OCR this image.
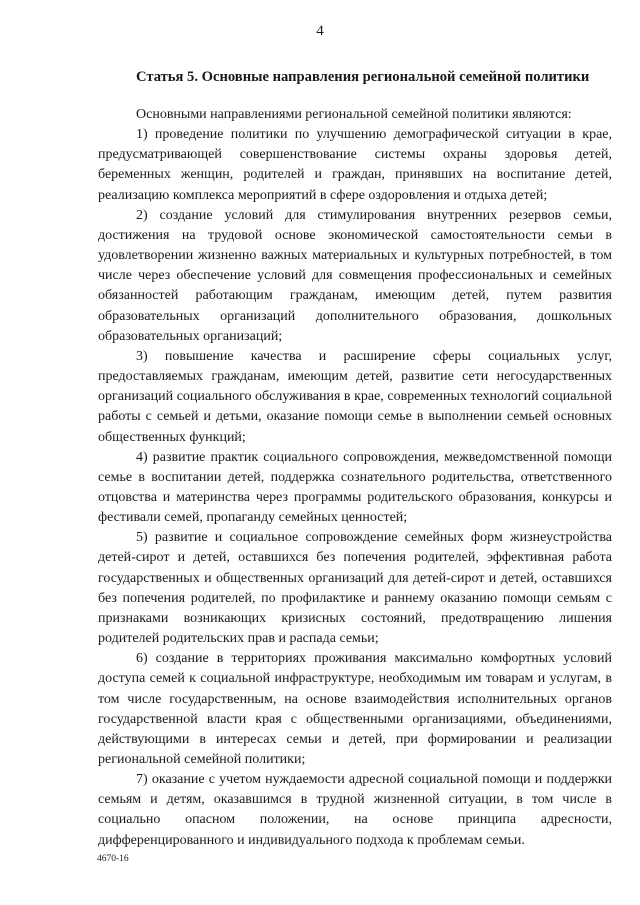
4
Статья 5. Основные направления региональной семейной политики

Основными направлениями региональной семейной политики являются:

1) проведение политики по улучшению демографической ситуации в крае, предусматривающей совершенствование системы охраны здоровья детей, беременных женщин, родителей и граждан, принявших на воспитание детей, реализацию комплекса мероприятий в сфере оздоровления и отдыха детей;

2) создание условий для стимулирования внутренних резервов семьи, достижения на трудовой основе экономической самостоятельности семьи в удовлетворении жизненно важных материальных и культурных потребностей, в том числе через обеспечение условий для совмещения профессиональных и семейных обязанностей работающим гражданам, имеющим детей, путем развития образовательных организаций дополнительного образования, дошкольных образовательных организаций;

3) повышение качества и расширение сферы социальных услуг, предоставляемых гражданам, имеющим детей, развитие сети негосударственных организаций социального обслуживания в крае, современных технологий социальной работы с семьей и детьми, оказание помощи семье в выполнении семьей основных общественных функций;

4) развитие практик социального сопровождения, межведомственной помощи семье в воспитании детей, поддержка сознательного родительства, ответственного отцовства и материнства через программы родительского образования, конкурсы и фестивали семей, пропаганду семейных ценностей;

5) развитие и социальное сопровождение семейных форм жизнеустройства детей-сирот и детей, оставшихся без попечения родителей, эффективная работа государственных и общественных организаций для детей-сирот и детей, оставшихся без попечения родителей, по профилактике и раннему оказанию помощи семьям с признаками возникающих кризисных состояний, предотвращению лишения родителей родительских прав и распада семьи;

6) создание в территориях проживания максимально комфортных условий доступа семей к социальной инфраструктуре, необходимым им товарам и услугам, в том числе государственным, на основе взаимодействия исполнительных органов государственной власти края с общественными организациями, объединениями, действующими в интересах семьи и детей, при формировании и реализации региональной семейной политики;

7) оказание с учетом нуждаемости адресной социальной помощи и поддержки семьям и детям, оказавшимся в трудной жизненной ситуации, в том числе в социально опасном положении, на основе принципа адресности, дифференцированного и индивидуального подхода к проблемам семьи.

4670-16
